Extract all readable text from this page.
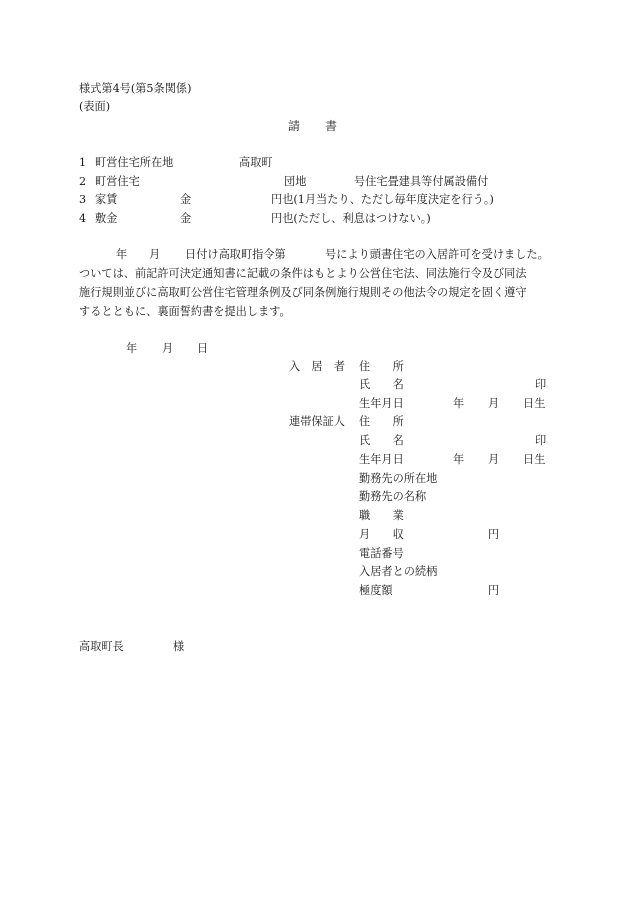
様式第4号(第5条関係)
(表面)
請 書
1 町営住宅所在地	高取町
2 町営住宅	団地	号住宅畳建具等付属設備付
3 家賃	金	円也(1月当たり、ただし毎年度決定を行う。)
4 敷金	金	円也(ただし、利息はつけない。)
年 月 日付け高取町指令第	号により頭書住宅の入居許可を受けました。
ついては、前記許可決定通知書に記載の条件はもとより公営住宅法、同法施行令及び同法
施行規則並びに高取町公営住宅管理条例及び同条例施行規則その他法令の規定を固く遵守
するとともに、裏面誓約書を提出します。
年 月 日
入　居　者 住　　所
氏　　名	印
生年月日	年 月 日生
連帯保証人 住　　所
氏　　名	印
生年月日	年 月 日生
勤務先の所在地
勤務先の名称
職　　業
月　　収	円
電話番号
入居者との続柄
極度額	円
高取町長	様
